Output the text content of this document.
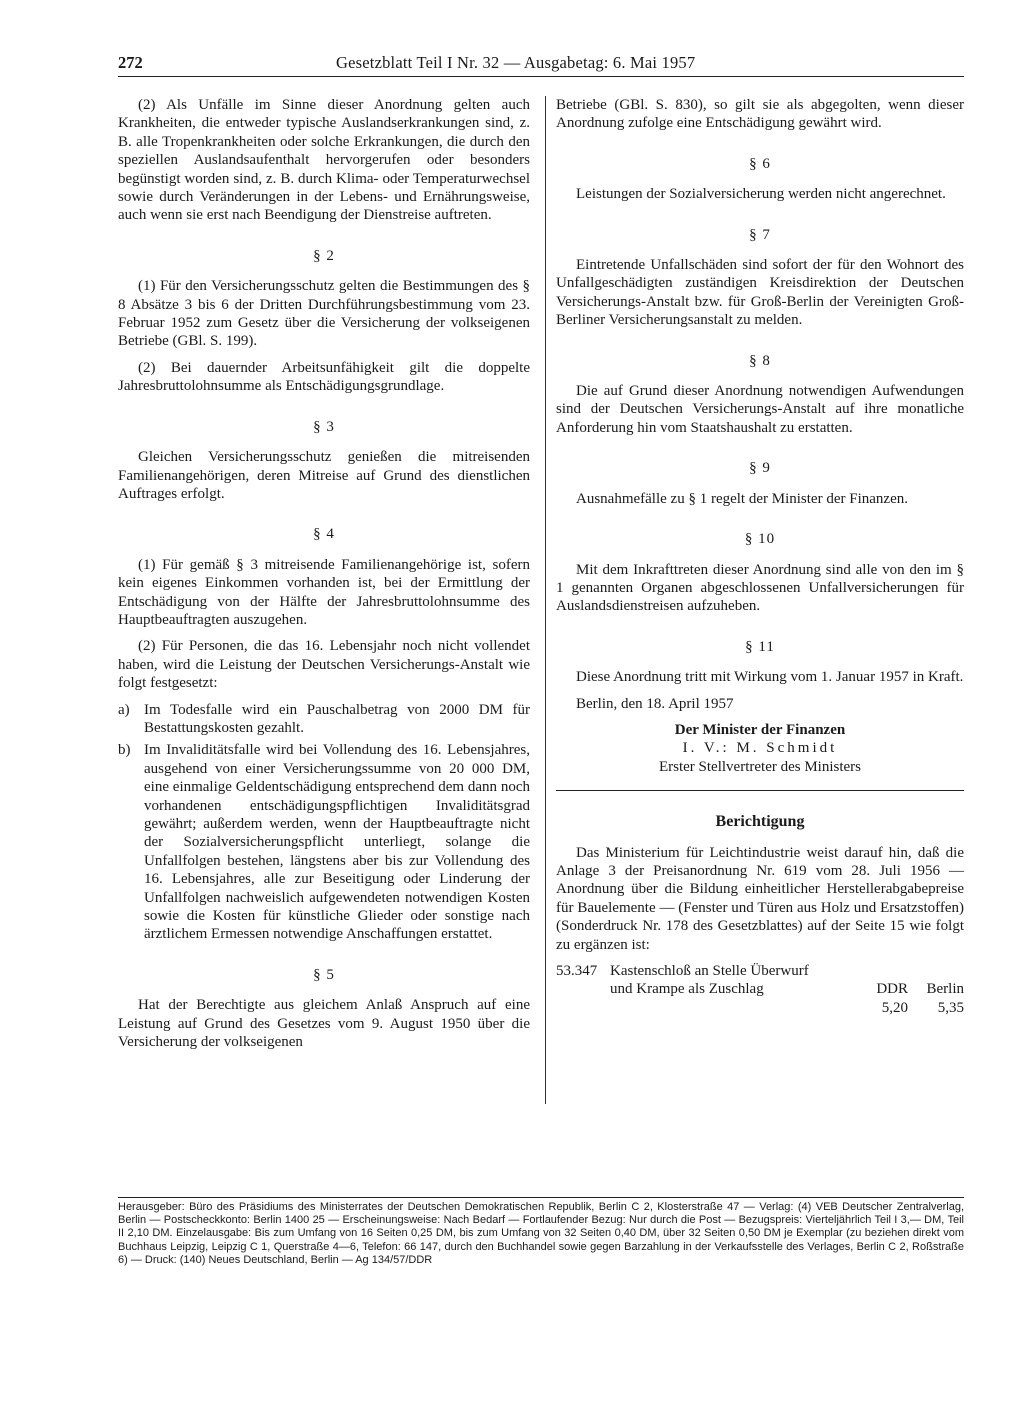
272	Gesetzblatt Teil I Nr. 32 — Ausgabetag: 6. Mai 1957

(2) Als Unfälle im Sinne dieser Anordnung gelten auch Krankheiten, die entweder typische Auslandserkrankungen sind, z. B. alle Tropenkrankheiten oder solche Erkrankungen, die durch den speziellen Auslandsaufenthalt hervorgerufen oder besonders begünstigt worden sind, z. B. durch Klima- oder Temperaturwechsel sowie durch Veränderungen in der Lebens- und Ernährungsweise, auch wenn sie erst nach Beendigung der Dienstreise auftreten.

§ 2

(1) Für den Versicherungsschutz gelten die Bestimmungen des § 8 Absätze 3 bis 6 der Dritten Durchführungsbestimmung vom 23. Februar 1952 zum Gesetz über die Versicherung der volkseigenen Betriebe (GBl. S. 199).

(2) Bei dauernder Arbeitsunfähigkeit gilt die doppelte Jahresbruttolohnsumme als Entschädigungsgrundlage.

§ 3

Gleichen Versicherungsschutz genießen die mitreisenden Familienangehörigen, deren Mitreise auf Grund des dienstlichen Auftrages erfolgt.

§ 4

(1) Für gemäß § 3 mitreisende Familienangehörige ist, sofern kein eigenes Einkommen vorhanden ist, bei der Ermittlung der Entschädigung von der Hälfte der Jahresbruttolohnsumme des Hauptbeauftragten auszugehen.

(2) Für Personen, die das 16. Lebensjahr noch nicht vollendet haben, wird die Leistung der Deutschen Versicherungs-Anstalt wie folgt festgesetzt:

a) Im Todesfalle wird ein Pauschalbetrag von 2000 DM für Bestattungskosten gezahlt.
b) Im Invaliditätsfalle wird bei Vollendung des 16. Lebensjahres, ausgehend von einer Versicherungssumme von 20 000 DM, eine einmalige Geldentschädigung entsprechend dem dann noch vorhandenen entschädigungspflichtigen Invaliditätsgrad gewährt; außerdem werden, wenn der Hauptbeauftragte nicht der Sozialversicherungspflicht unterliegt, solange die Unfallfolgen bestehen, längstens aber bis zur Vollendung des 16. Lebensjahres, alle zur Beseitigung oder Linderung der Unfallfolgen nachweislich aufgewendeten notwendigen Kosten sowie die Kosten für künstliche Glieder oder sonstige nach ärztlichem Ermessen notwendige Anschaffungen erstattet.
§ 5

Hat der Berechtigte aus gleichem Anlaß Anspruch auf eine Leistung auf Grund des Gesetzes vom 9. August 1950 über die Versicherung der volkseigenen

Betriebe (GBl. S. 830), so gilt sie als abgegolten, wenn dieser Anordnung zufolge eine Entschädigung gewährt wird.

§ 6

Leistungen der Sozialversicherung werden nicht angerechnet.

§ 7

Eintretende Unfallschäden sind sofort der für den Wohnort des Unfallgeschädigten zuständigen Kreisdirektion der Deutschen Versicherungs-Anstalt bzw. für Groß-Berlin der Vereinigten Groß-Berliner Versicherungsanstalt zu melden.

§ 8

Die auf Grund dieser Anordnung notwendigen Aufwendungen sind der Deutschen Versicherungs-Anstalt auf ihre monatliche Anforderung hin vom Staatshaushalt zu erstatten.

§ 9

Ausnahmefälle zu § 1 regelt der Minister der Finanzen.

§ 10

Mit dem Inkrafttreten dieser Anordnung sind alle von den im § 1 genannten Organen abgeschlossenen Unfallversicherungen für Auslandsdienstreisen aufzuheben.

§ 11

Diese Anordnung tritt mit Wirkung vom 1. Januar 1957 in Kraft.

Berlin, den 18. April 1957

Der Minister der Finanzen
I. V.: M. Schmidt
Erster Stellvertreter des Ministers
Berichtigung

Das Ministerium für Leichtindustrie weist darauf hin, daß die Anlage 3 der Preisanordnung Nr. 619 vom 28. Juli 1956 — Anordnung über die Bildung einheitlicher Herstellerabgabepreise für Bauelemente — (Fenster und Türen aus Holz und Ersatzstoffen) (Sonderdruck Nr. 178 des Gesetzblattes) auf der Seite 15 wie folgt zu ergänzen ist:

53.347 Kastenschloß an Stelle Überwurf
und Krampe als Zuschlag	DDR	Berlin
5,20	5,35
Herausgeber: Büro des Präsidiums des Ministerrates der Deutschen Demokratischen Republik, Berlin C 2, Klosterstraße 47 — Verlag: (4) VEB Deutscher Zentralverlag, Berlin — Postscheckkonto: Berlin 1400 25 — Erscheinungsweise: Nach Bedarf — Fortlaufender Bezug: Nur durch die Post — Bezugspreis: Vierteljährlich Teil I 3,— DM, Teil II 2,10 DM. Einzelausgabe: Bis zum Umfang von 16 Seiten 0,25 DM, bis zum Umfang von 32 Seiten 0,40 DM, über 32 Seiten 0,50 DM je Exemplar (zu beziehen direkt vom Buchhaus Leipzig, Leipzig C 1, Querstraße 4—6, Telefon: 66 147, durch den Buchhandel sowie gegen Barzahlung in der Verkaufsstelle des Verlages, Berlin C 2, Roßstraße 6) — Druck: (140) Neues Deutschland, Berlin — Ag 134/57/DDR
